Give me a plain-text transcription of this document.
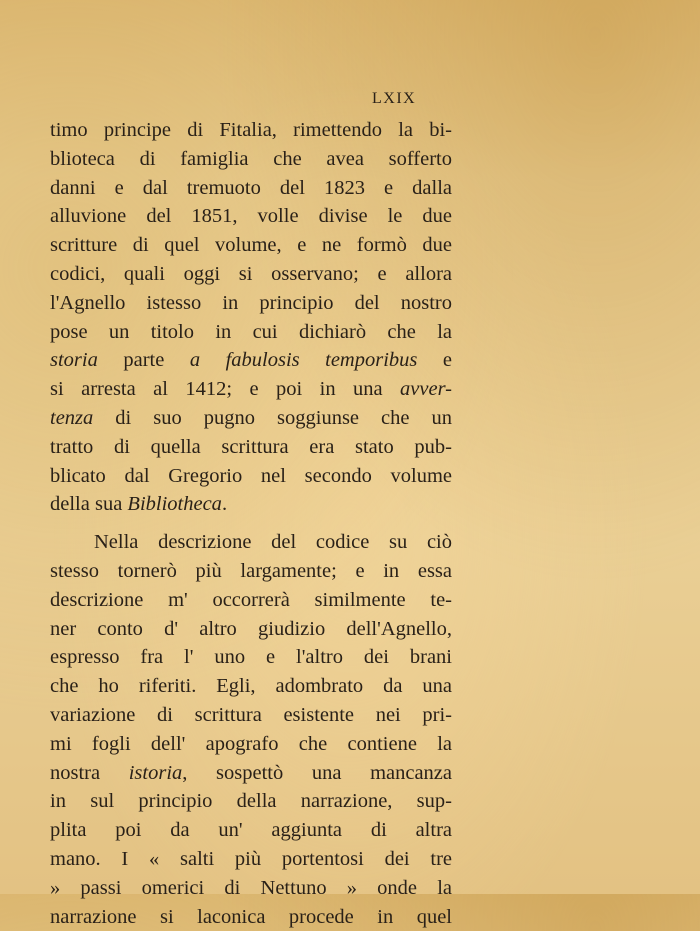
LXIX
timo principe di Fitalia, rimettendo la bi-
blioteca di famiglia che avea sofferto
danni e dal tremuoto del 1823 e dalla
alluvione del 1851, volle divise le due
scritture di quel volume, e ne formò due
codici, quali oggi si osservano; e allora
l'Agnello istesso in principio del nostro
pose un titolo in cui dichiarò che la
storia parte a fabulosis temporibus e
si arresta al 1412; e poi in una avver-
tenza di suo pugno soggiunse che un
tratto di quella scrittura era stato pub-
blicato dal Gregorio nel secondo volume
della sua Bibliotheca.
Nella descrizione del codice su ciò
stesso tornerò più largamente; e in essa
descrizione m' occorrerà similmente te-
ner conto d' altro giudizio dell'Agnello,
espresso fra l' uno e l'altro dei brani
che ho riferiti. Egli, adombrato da una
variazione di scrittura esistente nei pri-
mi fogli dell' apografo che contiene la
nostra istoria, sospettò una mancanza
in sul principio della narrazione, sup-
plita poi da un' aggiunta di altra
mano. I « salti più portentosi dei tre
» passi omerici di Nettuno » onde la
narrazione si laconica procede in quel
